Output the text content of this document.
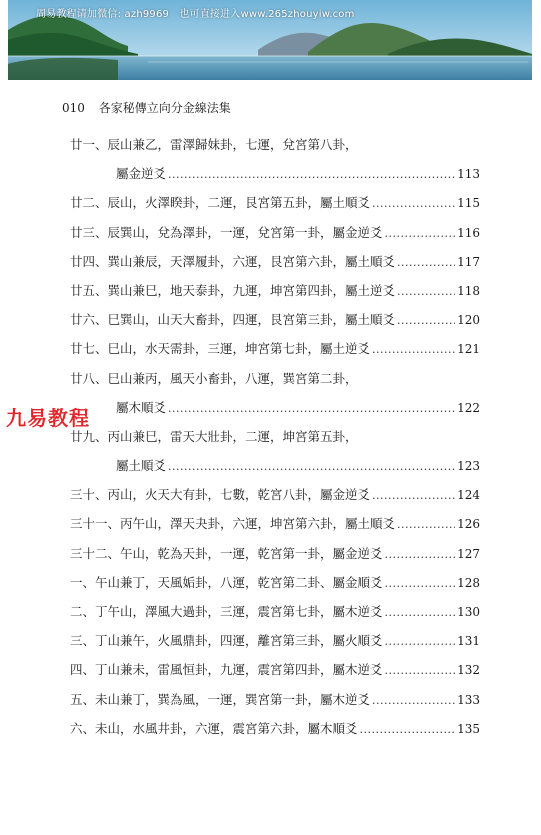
周易教程请加微信: azh9969　也可直接进入www.265zhouyiw.com
010 各家秘傳立向分金線法集
九易教程
廿一、辰山兼乙，雷澤歸妹卦，七運，兌宮第八卦，
屬金逆爻 .....	113
廿二、辰山，火澤睽卦，二運，艮宮第五卦，屬土順爻 .....	115
廿三、辰巽山，兌為澤卦，一運，兌宮第一卦，屬金逆爻 .....	116
廿四、巽山兼辰，天澤履卦，六運，艮宮第六卦，屬土順爻 .....	117
廿五、巽山兼巳，地天泰卦，九運，坤宮第四卦，屬土逆爻 .....	118
廿六、巳巽山，山天大畜卦，四運，艮宮第三卦，屬土順爻 .....	120
廿七、巳山，水天需卦，三運，坤宮第七卦，屬土逆爻 .....	121
廿八、巳山兼丙，風天小畜卦，八運，巽宮第二卦，
屬木順爻 .....	122
廿九、丙山兼巳，雷天大壯卦，二運，坤宮第五卦，
屬土順爻 .....	123
三十、丙山，火天大有卦，七數，乾宮八卦，屬金逆爻 .....	124
三十一、丙午山，澤天夬卦，六運，坤宮第六卦，屬土順爻 .....	126
三十二、午山，乾為天卦，一運，乾宮第一卦，屬金逆爻 .....	127
一、午山兼丁，天風姤卦，八運，乾宮第二卦、屬金順爻 .....	128
二、丁午山，澤風大過卦，三運，震宮第七卦，屬木逆爻 .....	130
三、丁山兼午，火風鼎卦，四運，離宮第三卦，屬火順爻 .....	131
四、丁山兼未，雷風恒卦，九運，震宮第四卦，屬木逆爻 .....	132
五、未山兼丁，巽為風，一運，巽宮第一卦，屬木逆爻 .....	133
六、未山，水風井卦，六運，震宮第六卦，屬木順爻 .....	135
